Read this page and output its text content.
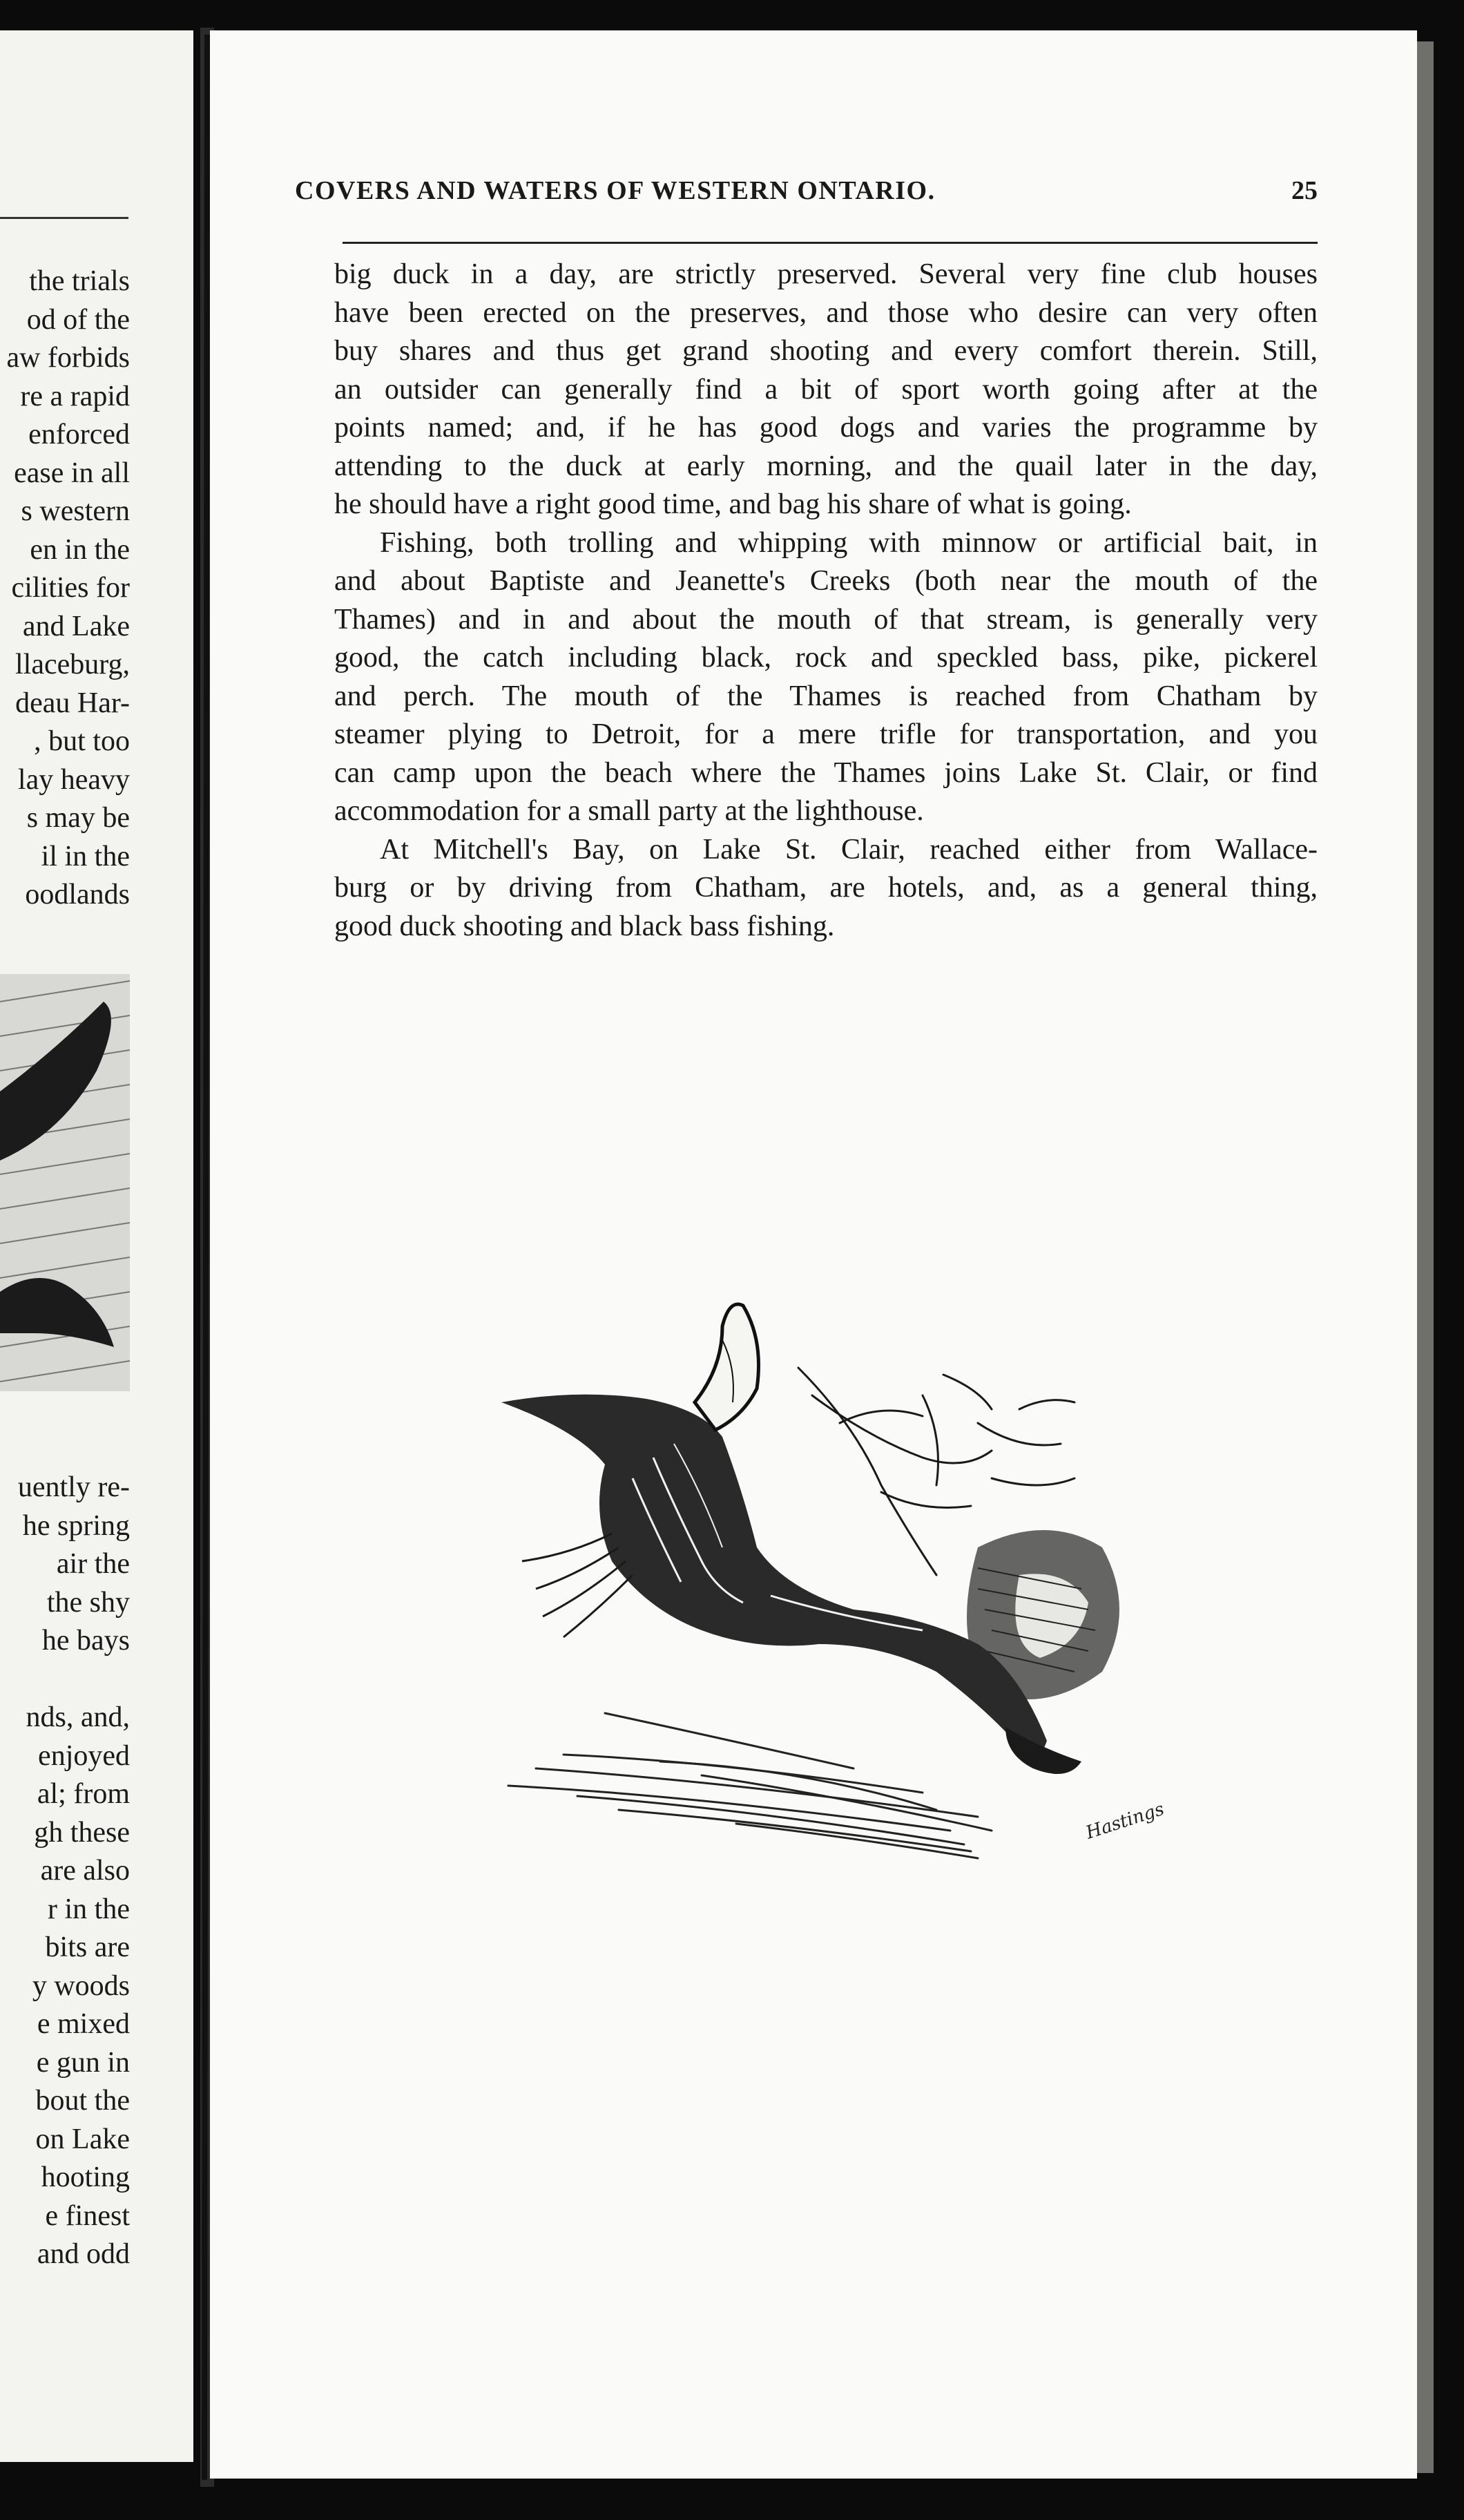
the trials
od of the
aw forbids
re a rapid
enforced
ease in all
s western
en in the
cilities for
and Lake
llaceburg,
deau Har-
, but too
lay heavy
s may be
il in the
oodlands
uently re-
he spring
air the
the shy
he bays

nds, and,
enjoyed
al; from
gh these
are also
r in the
bits are
y woods
e mixed
e gun in
bout the
on Lake
hooting
e finest
and odd
COVERS AND WATERS OF WESTERN ONTARIO.	25
big duck in a day, are strictly preserved. Several very fine club houses
have been erected on the preserves, and those who desire can very often
buy shares and thus get grand shooting and every comfort therein. Still,
an outsider can generally find a bit of sport worth going after at the
points named; and, if he has good dogs and varies the programme by
attending to the duck at early morning, and the quail later in the day,
he should have a right good time, and bag his share of what is going.
Fishing, both trolling and whipping with minnow or artificial bait, in
and about Baptiste and Jeanette's Creeks (both near the mouth of the
Thames) and in and about the mouth of that stream, is generally very
good, the catch including black, rock and speckled bass, pike, pickerel
and perch. The mouth of the Thames is reached from Chatham by
steamer plying to Detroit, for a mere trifle for transportation, and you
can camp upon the beach where the Thames joins Lake St. Clair, or find
accommodation for a small party at the lighthouse.
At Mitchell's Bay, on Lake St. Clair, reached either from Wallace-
burg or by driving from Chatham, are hotels, and, as a general thing,
good duck shooting and black bass fishing.
Hastings
